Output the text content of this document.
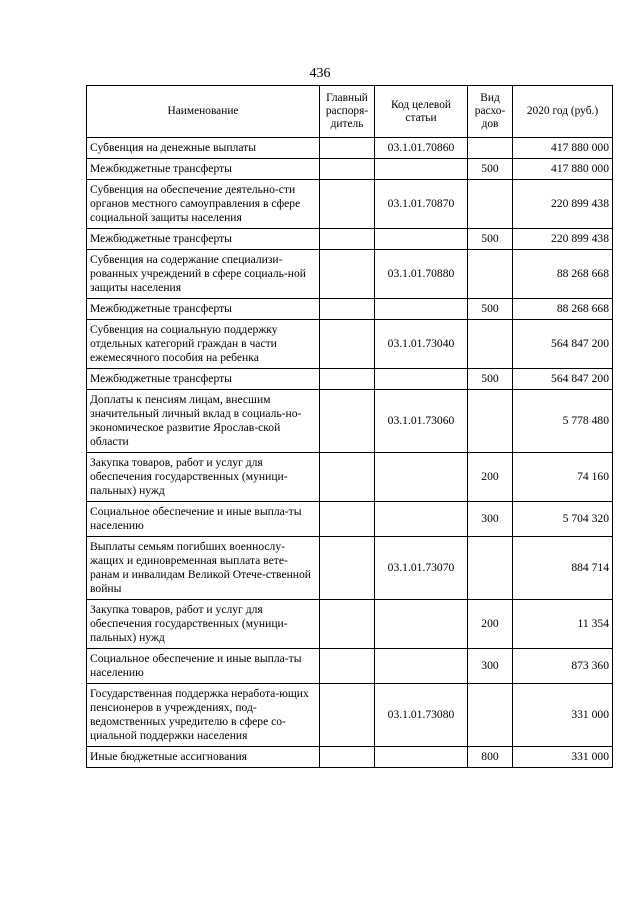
436
Наименование	Главный распоря-дитель	Код целевой статьи	Вид расхо-дов	2020 год (руб.)
Субвенция на денежные выплаты		03.1.01.70860		417 880 000
Межбюджетные трансферты			500	417 880 000
Субвенция на обеспечение деятельно-сти органов местного самоуправления в сфере социальной защиты населения		03.1.01.70870		220 899 438
Межбюджетные трансферты			500	220 899 438
Субвенция на содержание специализи-рованных учреждений в сфере социаль-ной защиты населения		03.1.01.70880		88 268 668
Межбюджетные трансферты			500	88 268 668
Субвенция на социальную поддержку отдельных категорий граждан в части ежемесячного пособия на ребенка		03.1.01.73040		564 847 200
Межбюджетные трансферты			500	564 847 200
Доплаты к пенсиям лицам, внесшим значительный личный вклад в социаль-но-экономическое развитие Ярослав-ской области		03.1.01.73060		5 778 480
Закупка товаров, работ и услуг для обеспечения государственных (муници-пальных) нужд			200	74 160
Социальное обеспечение и иные выпла-ты населению			300	5 704 320
Выплаты семьям погибших военнослу-жащих и единовременная выплата вете-ранам и инвалидам Великой Отече-ственной войны		03.1.01.73070		884 714
Закупка товаров, работ и услуг для обеспечения государственных (муници-пальных) нужд			200	11 354
Социальное обеспечение и иные выпла-ты населению			300	873 360
Государственная поддержка неработа-ющих пенсионеров в учреждениях, под-ведомственных учредителю в сфере со-циальной поддержки населения		03.1.01.73080		331 000
Иные бюджетные ассигнования			800	331 000
